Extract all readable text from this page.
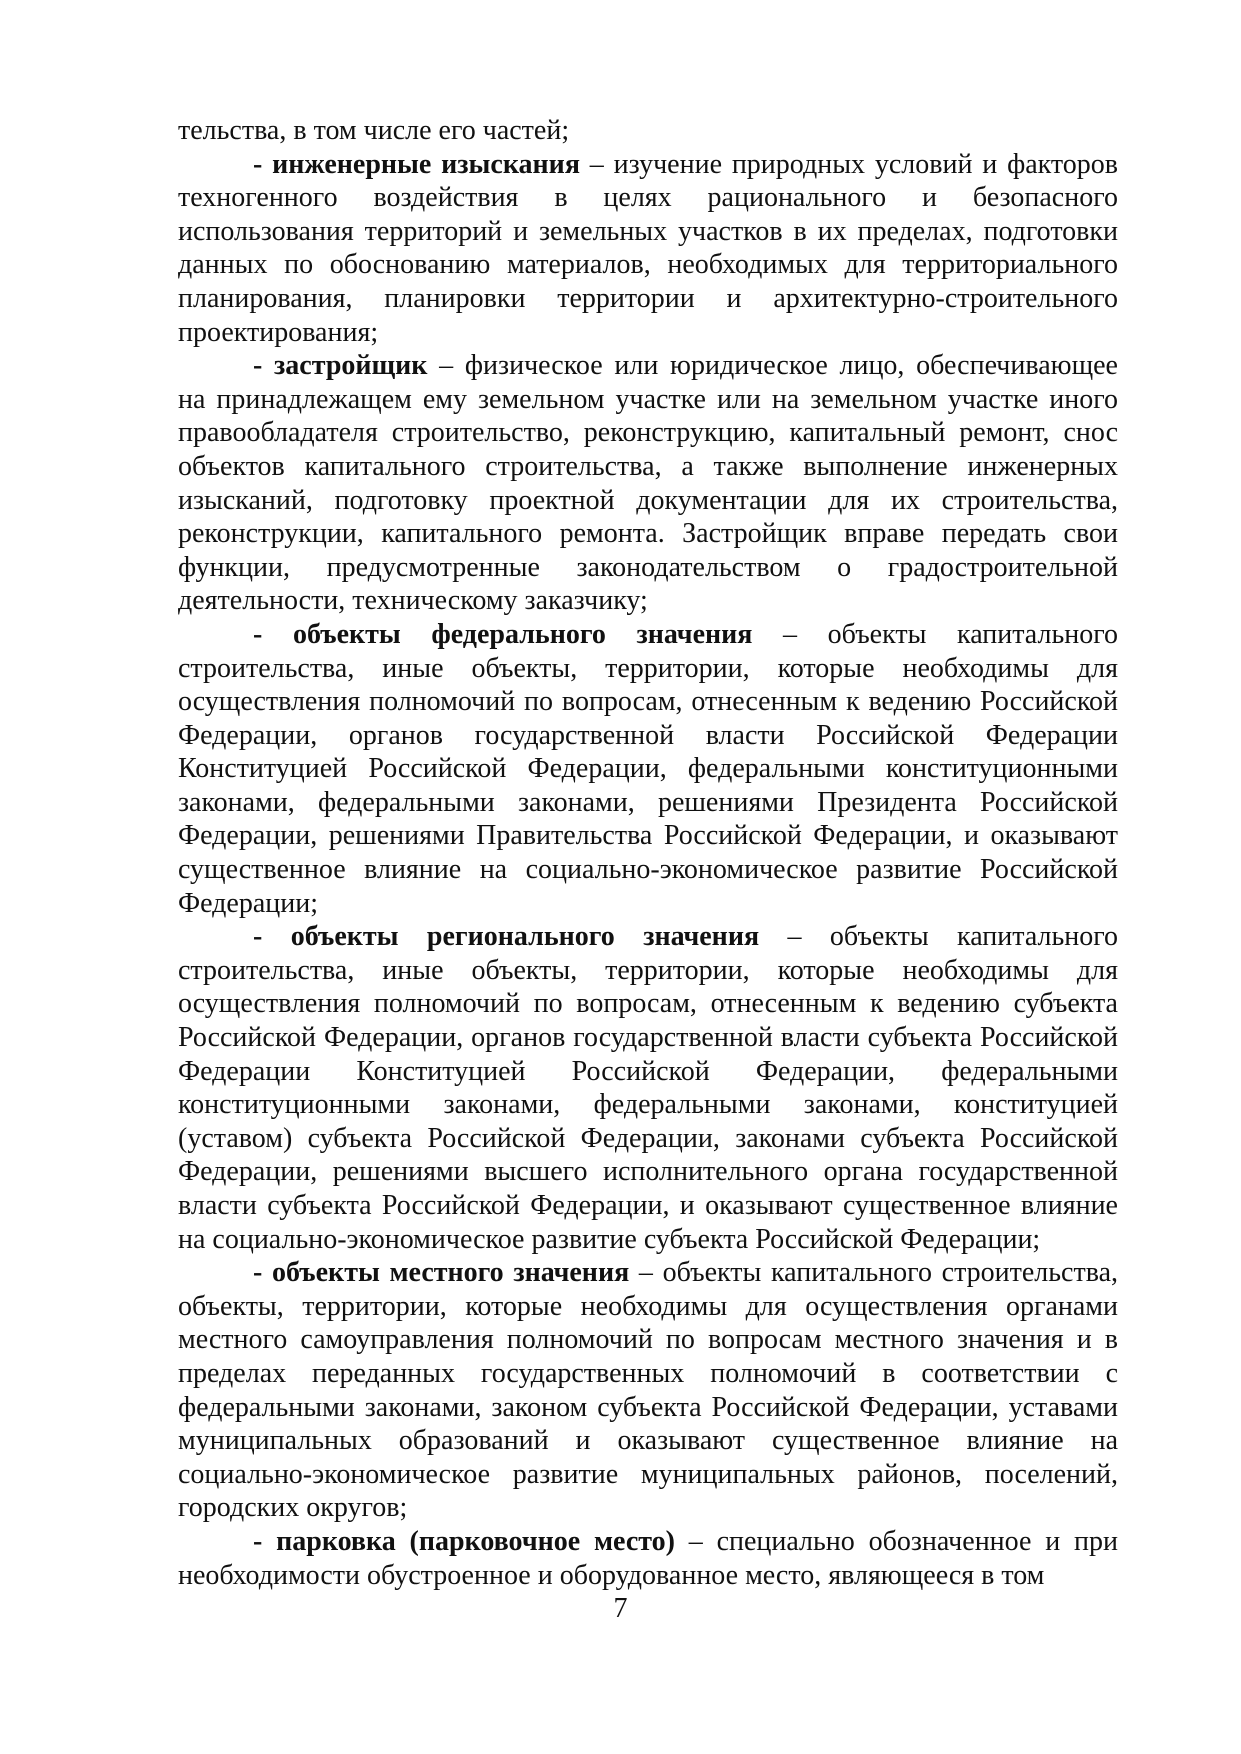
тельства, в том числе его частей;

- инженерные изыскания – изучение природных условий и факторов техногенного воздействия в целях рационального и безопасного использования территорий и земельных участков в их пределах, подготовки данных по обоснованию материалов, необходимых для территориального планирования, планировки территории и архитектурно-строительного проектирования;

- застройщик – физическое или юридическое лицо, обеспечивающее на принадлежащем ему земельном участке или на земельном участке иного правообладателя строительство, реконструкцию, капитальный ремонт, снос объектов капитального строительства, а также выполнение инженерных изысканий, подготовку проектной документации для их строительства, реконструкции, капитального ремонта. Застройщик вправе передать свои функции, предусмотренные законодательством о градостроительной деятельности, техническому заказчику;

- объекты федерального значения – объекты капитального строительства, иные объекты, территории, которые необходимы для осуществления полномочий по вопросам, отнесенным к ведению Российской Федерации, органов государственной власти Российской Федерации Конституцией Российской Федерации, федеральными конституционными законами, федеральными законами, решениями Президента Российской Федерации, решениями Правительства Российской Федерации, и оказывают существенное влияние на социально-экономическое развитие Российской Федерации;

- объекты регионального значения – объекты капитального строительства, иные объекты, территории, которые необходимы для осуществления полномочий по вопросам, отнесенным к ведению субъекта Российской Федерации, органов государственной власти субъекта Российской Федерации Конституцией Российской Федерации, федеральными конституционными законами, федеральными законами, конституцией (уставом) субъекта Российской Федерации, законами субъекта Российской Федерации, решениями высшего исполнительного органа государственной власти субъекта Российской Федерации, и оказывают существенное влияние на социально-экономическое развитие субъекта Российской Федерации;

- объекты местного значения – объекты капитального строительства, объекты, территории, которые необходимы для осуществления органами местного самоуправления полномочий по вопросам местного значения и в пределах переданных государственных полномочий в соответствии с федеральными законами, законом субъекта Российской Федерации, уставами муниципальных образований и оказывают существенное влияние на социально-экономическое развитие муниципальных районов, поселений, городских округов;

- парковка (парковочное место) – специально обозначенное и при необходимости обустроенное и оборудованное место, являющееся в том

7
